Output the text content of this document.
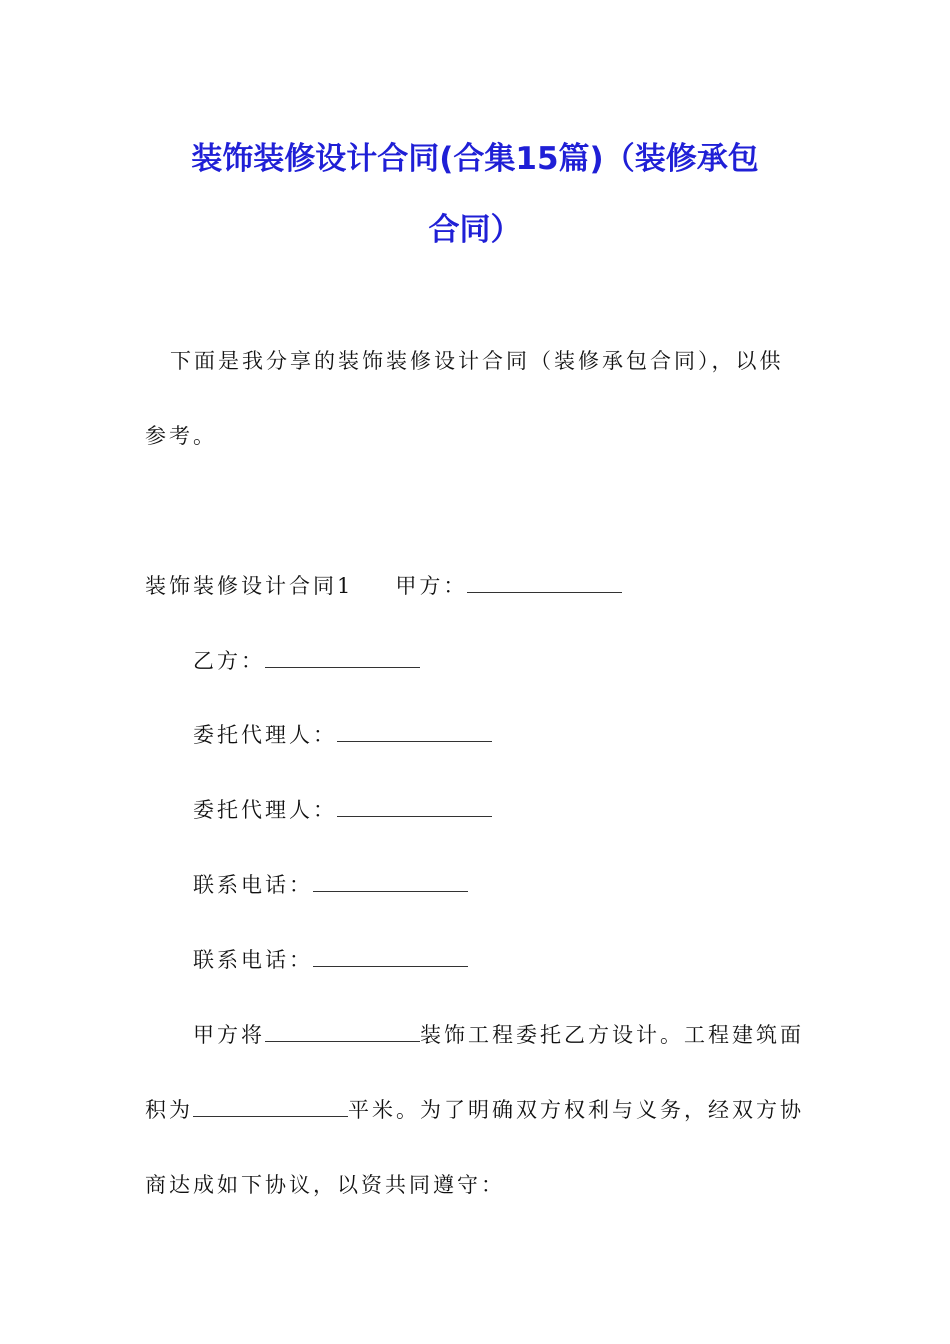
装饰装修设计合同(合集15篇)（装修承包
合同）
下面是我分享的装饰装修设计合同（装修承包合同），以供
参考。
装饰装修设计合同1 甲方：
乙方：
委托代理人：
委托代理人：
联系电话：
联系电话：
甲方将	装饰工程委托乙方设计。工程建筑面
积为	平米。为了明确双方权利与义务，经双方协
商达成如下协议，以资共同遵守：
